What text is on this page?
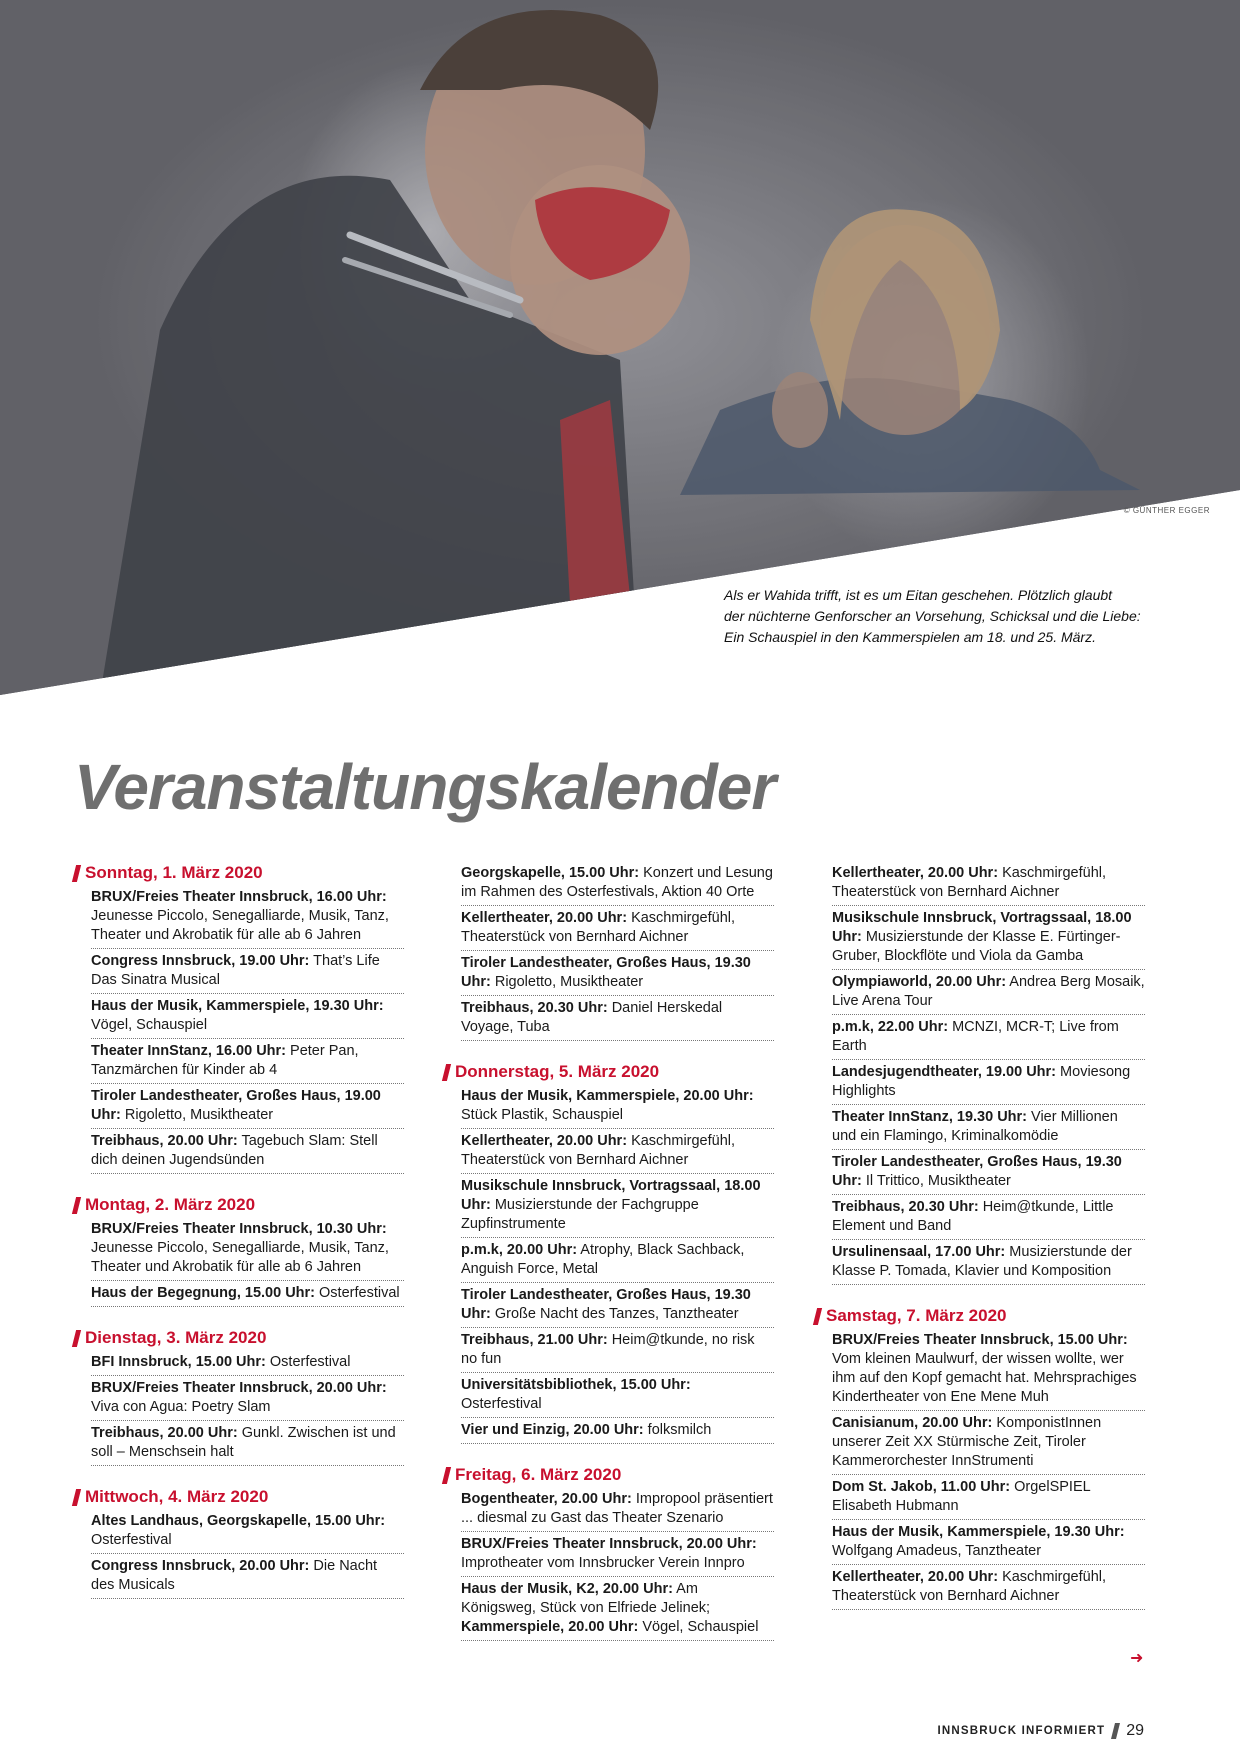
© GÜNTHER EGGER
Als er Wahida trifft, ist es um Eitan geschehen. Plötzlich glaubt
der nüchterne Genforscher an Vorsehung, Schicksal und die Liebe:
Ein Schauspiel in den Kammerspielen am 18. und 25. März.
Veranstaltungskalender
Sonntag, 1. März 2020
BRUX/Freies Theater Innsbruck, 16.00 Uhr: Jeunesse Piccolo, Senegalliarde, Musik, Tanz, Theater und Akrobatik für alle ab 6 Jahren
Congress Innsbruck, 19.00 Uhr: That’s Life Das Sinatra Musical
Haus der Musik, Kammerspiele, 19.30 Uhr: Vögel, Schauspiel
Theater InnStanz, 16.00 Uhr: Peter Pan, Tanzmärchen für Kinder ab 4
Tiroler Landestheater, Großes Haus, 19.00 Uhr: Rigoletto, Musiktheater
Treibhaus, 20.00 Uhr: Tagebuch Slam: Stell dich deinen Jugendsünden
Montag, 2. März 2020
BRUX/Freies Theater Innsbruck, 10.30 Uhr: Jeunesse Piccolo, Senegalliarde, Musik, Tanz, Theater und Akrobatik für alle ab 6 Jahren
Haus der Begegnung, 15.00 Uhr: Osterfestival
Dienstag, 3. März 2020
BFI Innsbruck, 15.00 Uhr: Osterfestival
BRUX/Freies Theater Innsbruck, 20.00 Uhr: Viva con Agua: Poetry Slam
Treibhaus, 20.00 Uhr: Gunkl. Zwischen ist und soll – Menschsein halt
Mittwoch, 4. März 2020
Altes Landhaus, Georgskapelle, 15.00 Uhr: Osterfestival
Congress Innsbruck, 20.00 Uhr: Die Nacht des Musicals
Georgskapelle, 15.00 Uhr: Konzert und Lesung im Rahmen des Osterfestivals, Aktion 40 Orte
Kellertheater, 20.00 Uhr: Kaschmirgefühl, Theaterstück von Bernhard Aichner
Tiroler Landestheater, Großes Haus, 19.30 Uhr: Rigoletto, Musiktheater
Treibhaus, 20.30 Uhr: Daniel Herskedal Voyage, Tuba
Donnerstag, 5. März 2020
Haus der Musik, Kammerspiele, 20.00 Uhr: Stück Plastik, Schauspiel
Kellertheater, 20.00 Uhr: Kaschmirgefühl, Theaterstück von Bernhard Aichner
Musikschule Innsbruck, Vortragssaal, 18.00 Uhr: Musizierstunde der Fachgruppe Zupfinstrumente
p.m.k, 20.00 Uhr: Atrophy, Black Sachback, Anguish Force, Metal
Tiroler Landestheater, Großes Haus, 19.30 Uhr: Große Nacht des Tanzes, Tanztheater
Treibhaus, 21.00 Uhr: Heim@tkunde, no risk no fun
Universitätsbibliothek, 15.00 Uhr: Osterfestival
Vier und Einzig, 20.00 Uhr: folksmilch
Freitag, 6. März 2020
Bogentheater, 20.00 Uhr: Impropool präsentiert ... diesmal zu Gast das Theater Szenario
BRUX/Freies Theater Innsbruck, 20.00 Uhr: Improtheater vom Innsbrucker Verein Innpro
Haus der Musik, K2, 20.00 Uhr: Am Königsweg, Stück von Elfriede Jelinek; Kammerspiele, 20.00 Uhr: Vögel, Schauspiel
Kellertheater, 20.00 Uhr: Kaschmirgefühl, Theaterstück von Bernhard Aichner
Musikschule Innsbruck, Vortragssaal, 18.00 Uhr: Musizierstunde der Klasse E. Fürtinger-Gruber, Blockflöte und Viola da Gamba
Olympiaworld, 20.00 Uhr: Andrea Berg Mosaik, Live Arena Tour
p.m.k, 22.00 Uhr: MCNZI, MCR-T; Live from Earth
Landesjugendtheater, 19.00 Uhr: Moviesong Highlights
Theater InnStanz, 19.30 Uhr: Vier Millionen und ein Flamingo, Kriminalkomödie
Tiroler Landestheater, Großes Haus, 19.30 Uhr: Il Trittico, Musiktheater
Treibhaus, 20.30 Uhr: Heim@tkunde, Little Element und Band
Ursulinensaal, 17.00 Uhr: Musizierstunde der Klasse P. Tomada, Klavier und Komposition
Samstag, 7. März 2020
BRUX/Freies Theater Innsbruck, 15.00 Uhr: Vom kleinen Maulwurf, der wissen wollte, wer ihm auf den Kopf gemacht hat. Mehrsprachiges Kindertheater von Ene Mene Muh
Canisianum, 20.00 Uhr: KomponistInnen unserer Zeit XX Stürmische Zeit, Tiroler Kammerorchester InnStrumenti
Dom St. Jakob, 11.00 Uhr: OrgelSPIEL Elisabeth Hubmann
Haus der Musik, Kammerspiele, 19.30 Uhr: Wolfgang Amadeus, Tanztheater
Kellertheater, 20.00 Uhr: Kaschmirgefühl, Theaterstück von Bernhard Aichner
➜
INNSBRUCK INFORMIERT 29
